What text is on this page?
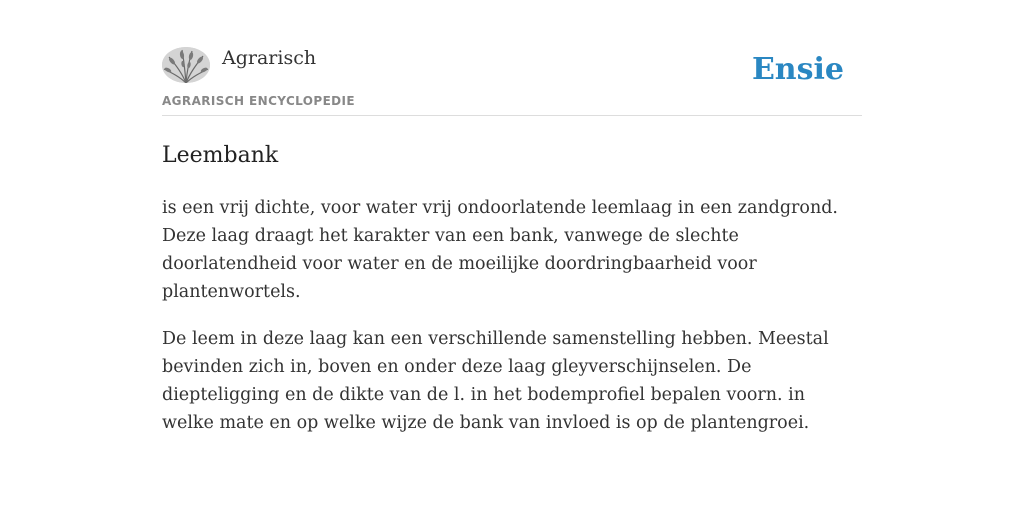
Agrarisch
AGRARISCH ENCYCLOPEDIE
Ensie
Leembank

is een vrij dichte, voor water vrij ondoorlatende leemlaag in een zandgrond. Deze laag draagt het karakter van een bank, vanwege de slechte doorlatendheid voor water en de moeilijke doordringbaarheid voor plantenwortels.

De leem in deze laag kan een verschillende samenstelling hebben. Meestal bevinden zich in, boven en onder deze laag gleyverschijnselen. De diepteligging en de dikte van de l. in het bodemprofiel bepalen voorn. in welke mate en op welke wijze de bank van invloed is op de plantengroei.
